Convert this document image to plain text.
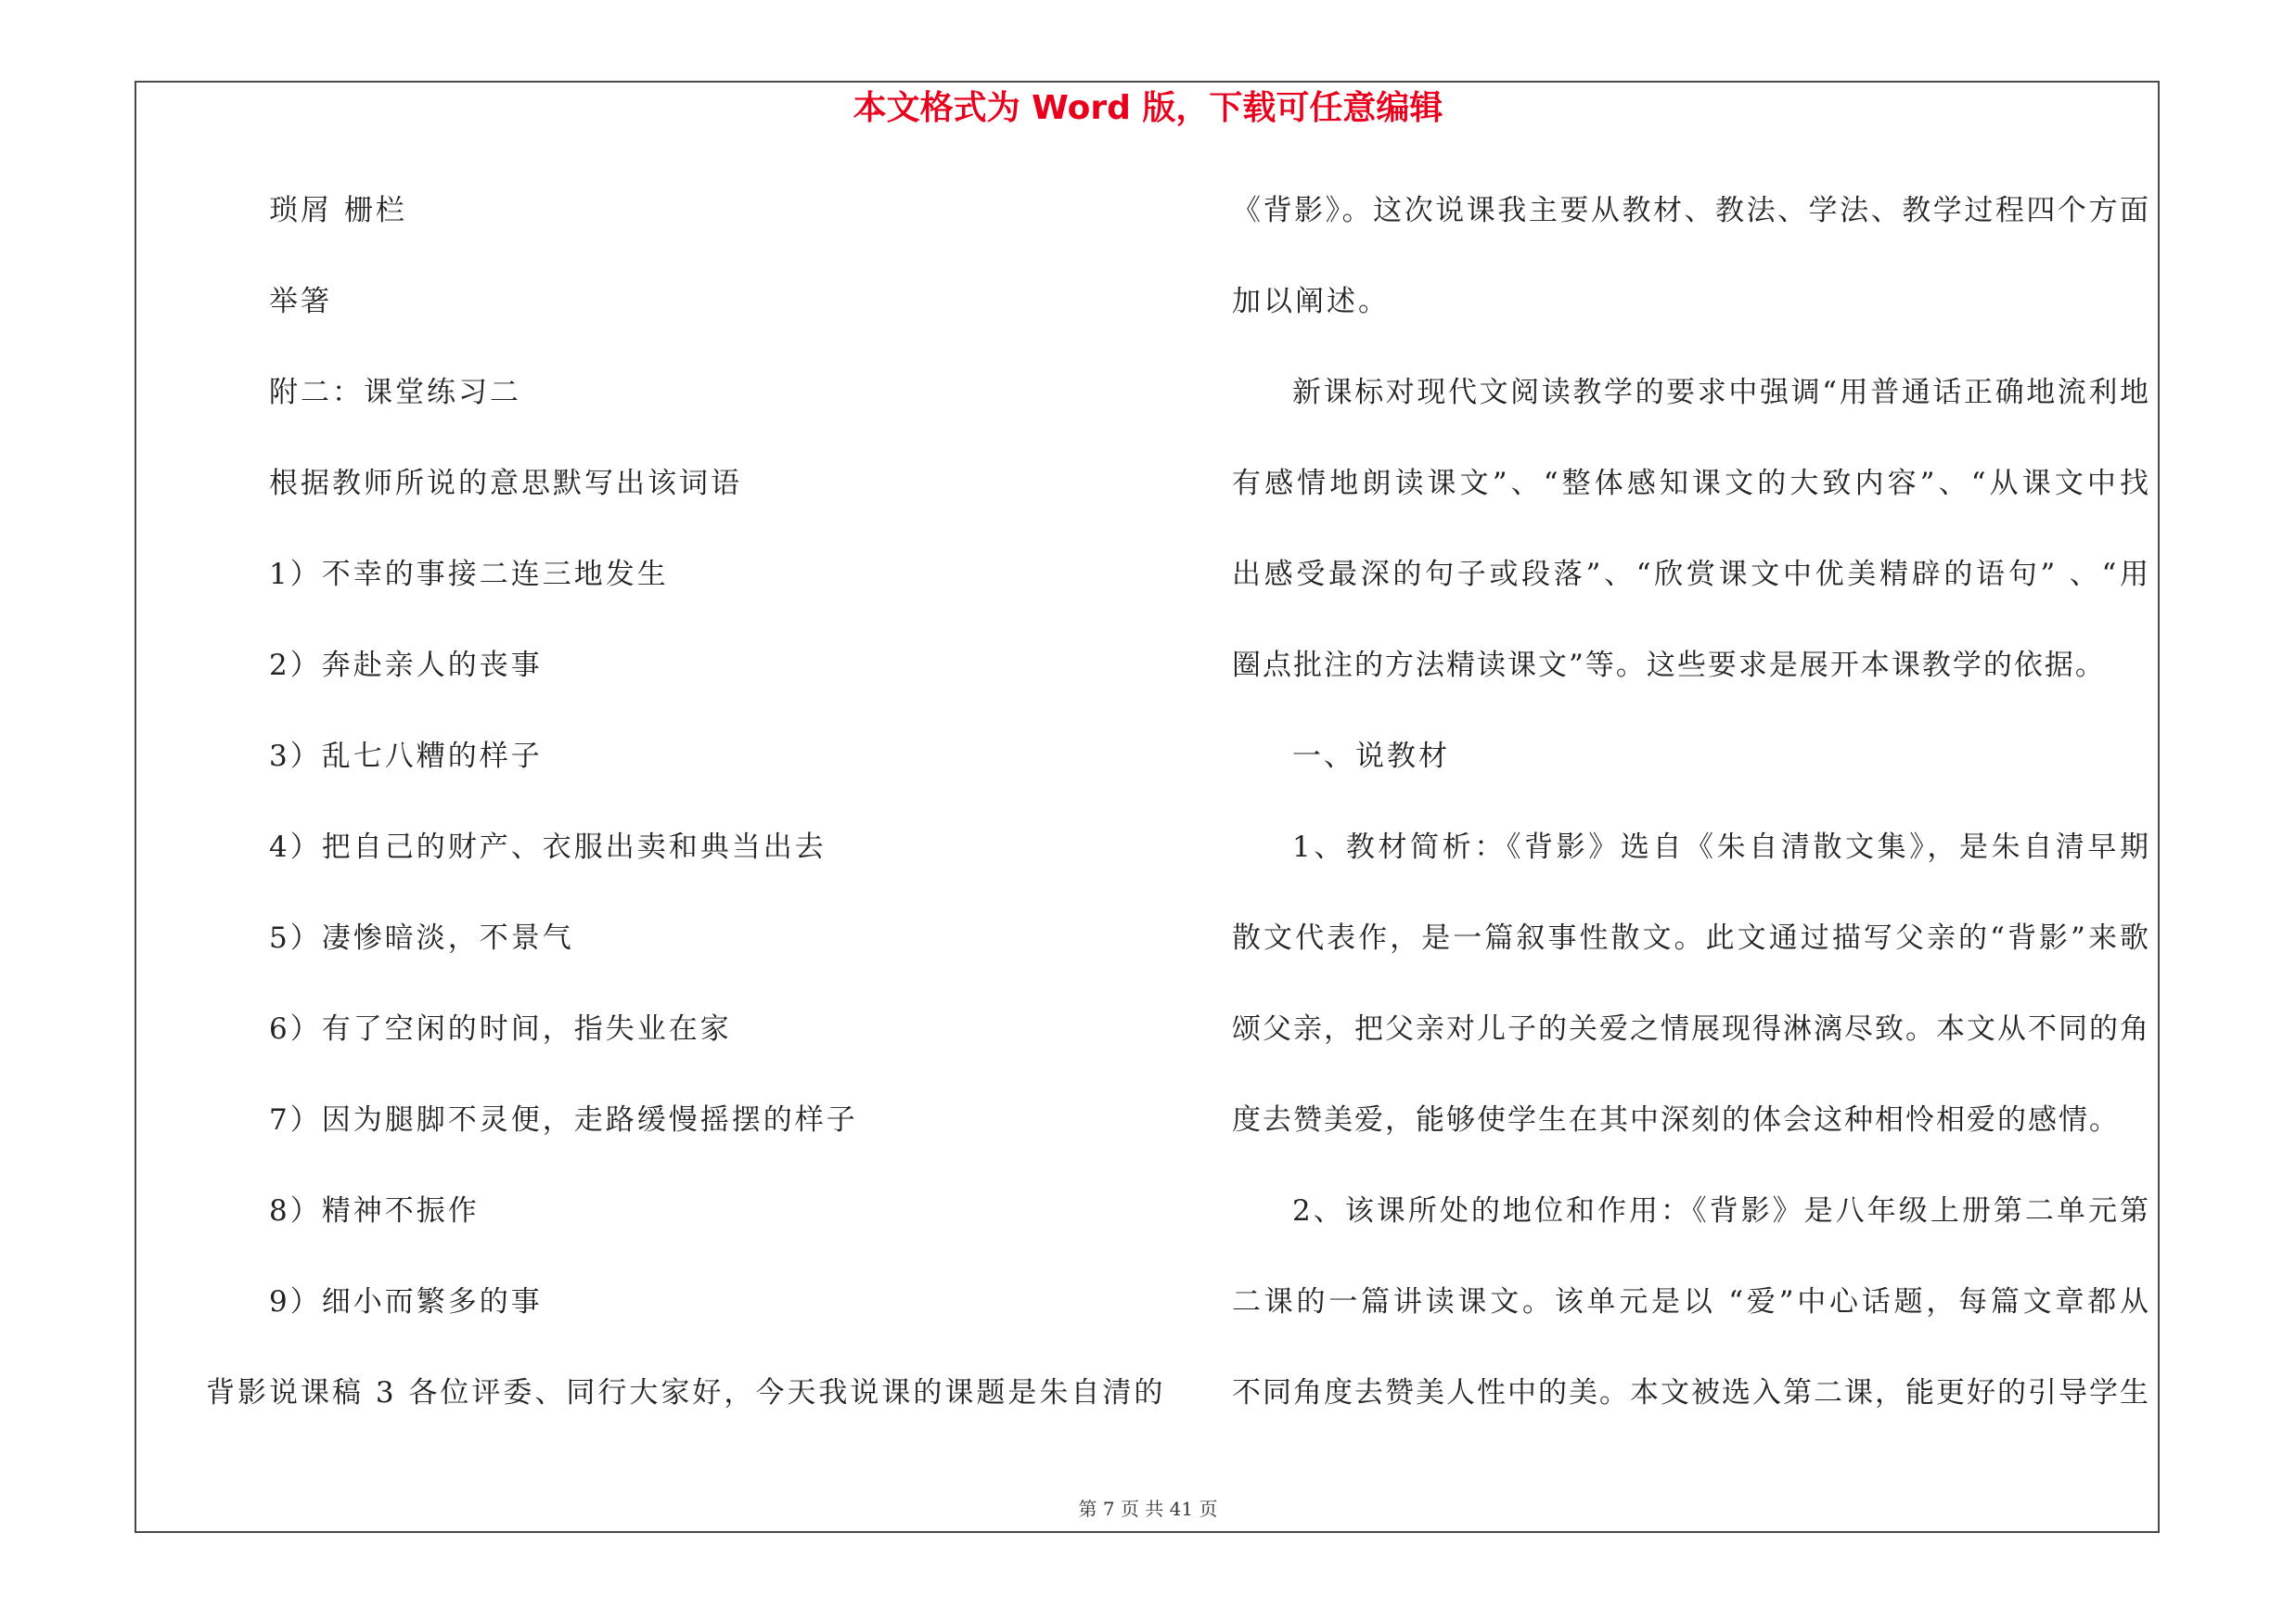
本文格式为 Word 版，下载可任意编辑
琐屑 栅栏
举箸
附二：课堂练习二
根据教师所说的意思默写出该词语
1）不幸的事接二连三地发生
2）奔赴亲人的丧事
3）乱七八糟的样子
4）把自己的财产、衣服出卖和典当出去
5）凄惨暗淡，不景气
6）有了空闲的时间，指失业在家
7）因为腿脚不灵便，走路缓慢摇摆的样子
8）精神不振作
9）细小而繁多的事
背影说课稿 3 各位评委、同行大家好，今天我说课的课题是朱自清的
《背影》。这次说课我主要从教材、教法、学法、教学过程四个方面
加以阐述。
新课标对现代文阅读教学的要求中强调“用普通话正确地流利地
有感情地朗读课文”、“整体感知课文的大致内容”、“从课文中找
出感受最深的句子或段落”、“欣赏课文中优美精辟的语句” 、“用
圈点批注的方法精读课文”等。这些要求是展开本课教学的依据。
一、说教材
1、教材简析：《背影》选自《朱自清散文集》，是朱自清早期
散文代表作，是一篇叙事性散文。此文通过描写父亲的“背影”来歌
颂父亲，把父亲对儿子的关爱之情展现得淋漓尽致。本文从不同的角
度去赞美爱，能够使学生在其中深刻的体会这种相怜相爱的感情。
2、该课所处的地位和作用：《背影》是八年级上册第二单元第
二课的一篇讲读课文。该单元是以 “爱”中心话题，每篇文章都从
不同角度去赞美人性中的美。本文被选入第二课，能更好的引导学生
第 7 页 共 41 页
